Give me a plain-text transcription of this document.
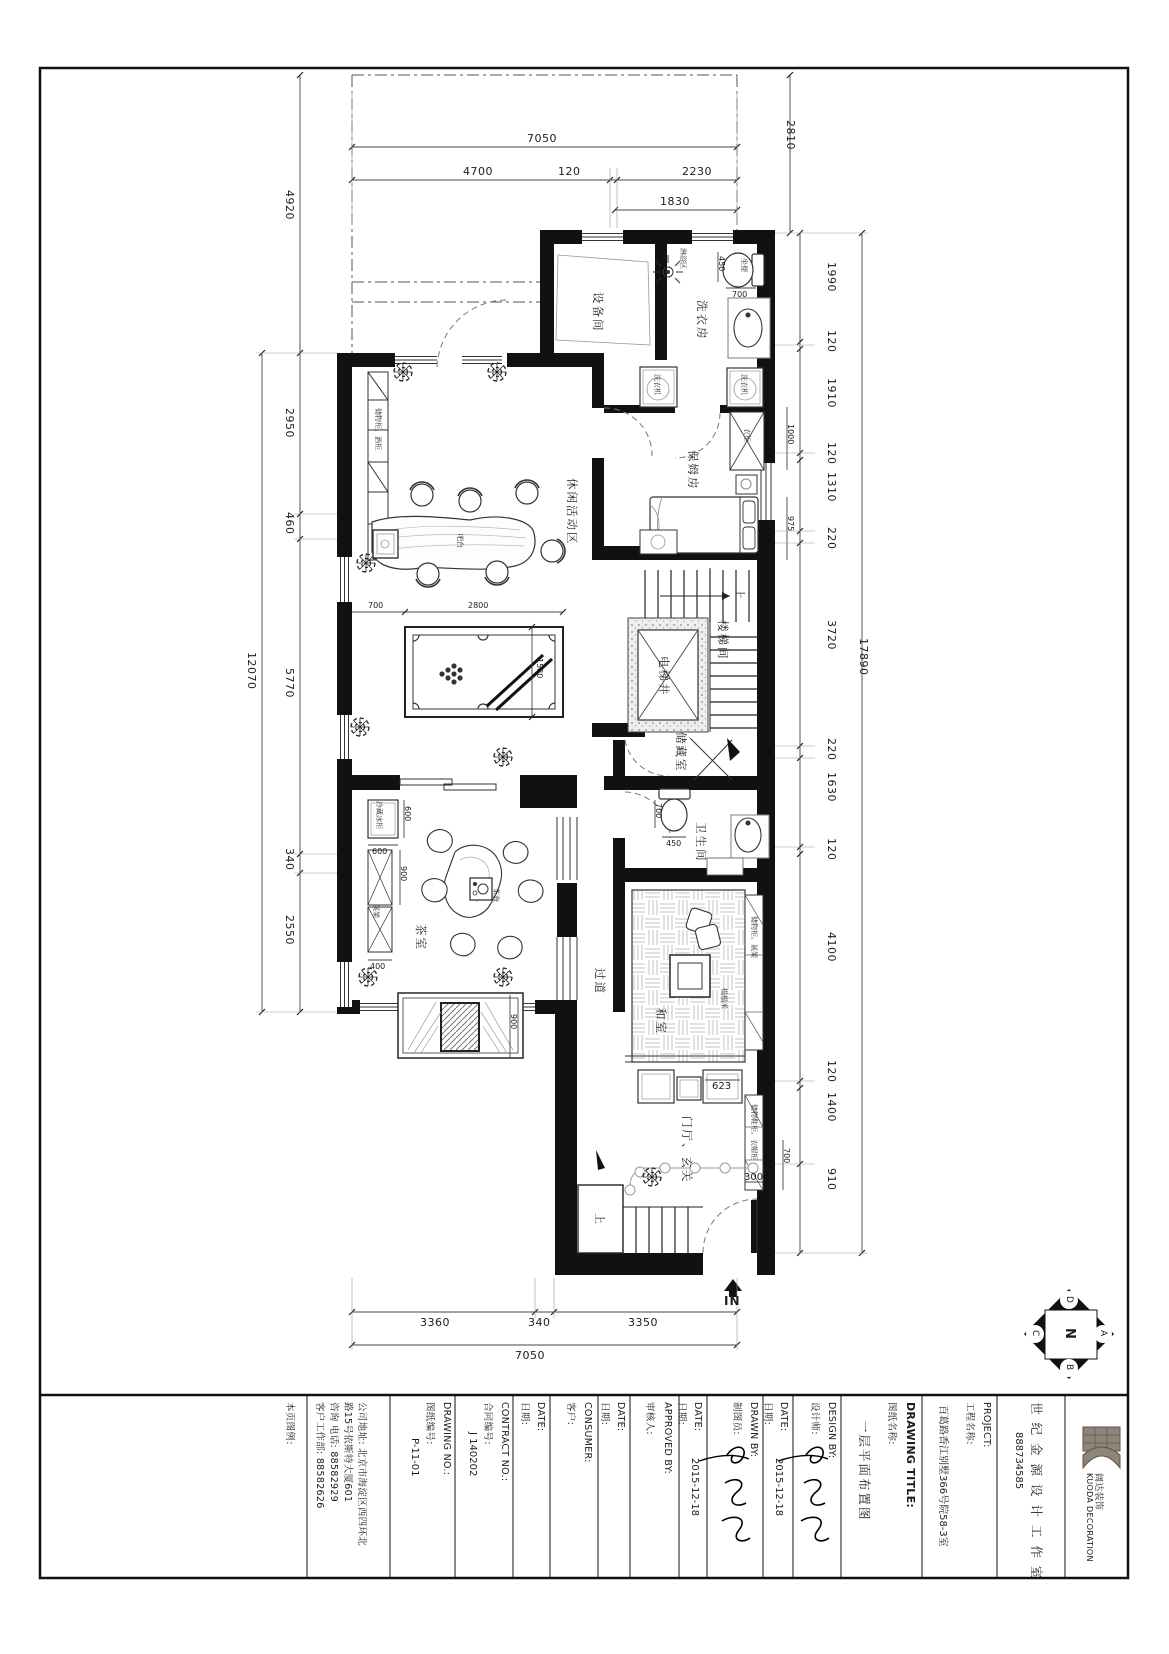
设备间	洗衣房
淋浴区	坐便
洗衣机	洗衣机
保姆房
衣柜
休闲活动区
储物柜、酒柜
吧台
楼梯间
电梯井
上
储藏室
卫生间
过道
茶室
茶海
展架
冷藏冰柜
和室
榻榻米
储物柜、展架
储物鞋柜、衣帽柜
门厅、玄关
上
IN
7050
4700	120	2230
1830
4920
2810
2950
460
5770
340
2550
12070
1990
120
1910
120
1310
220
3720
220
1630
120
4100
120
1400
910
17890
3360	340	3350
7050
2800
700
1580
600
600
900
400
900
450
700
700
450
1000
975
623
300
700
本页图例:	公司地址: 北京市海淀区西四环北
路15号依斯特大厦601
咨询 电话: 88582929
客户工作部: 88582626	DRAWING NO.:
图纸编号:
P-11-01	CONTRACT NO.:
合同编号:
J 140202
DATE:
日期:	CONSUMER:
客户:	DATE:
日期:	APPROVED BY:
审核人:	DATE:
日期:
2015-12-18
DRAWN BY:
制图员:	DATE:
日期:
2015-12-18
DESIGN BY:
设计师:	DRAWING TITLE:
图纸名称:
一层平面布置图	PROJECT:
工程名称:
百葛路香江别墅366号院58-3室	世 纪 金 源 设 计 工 作 室
888734585
阔达装饰
KUODA DECORATION
N
D
A
B
C
